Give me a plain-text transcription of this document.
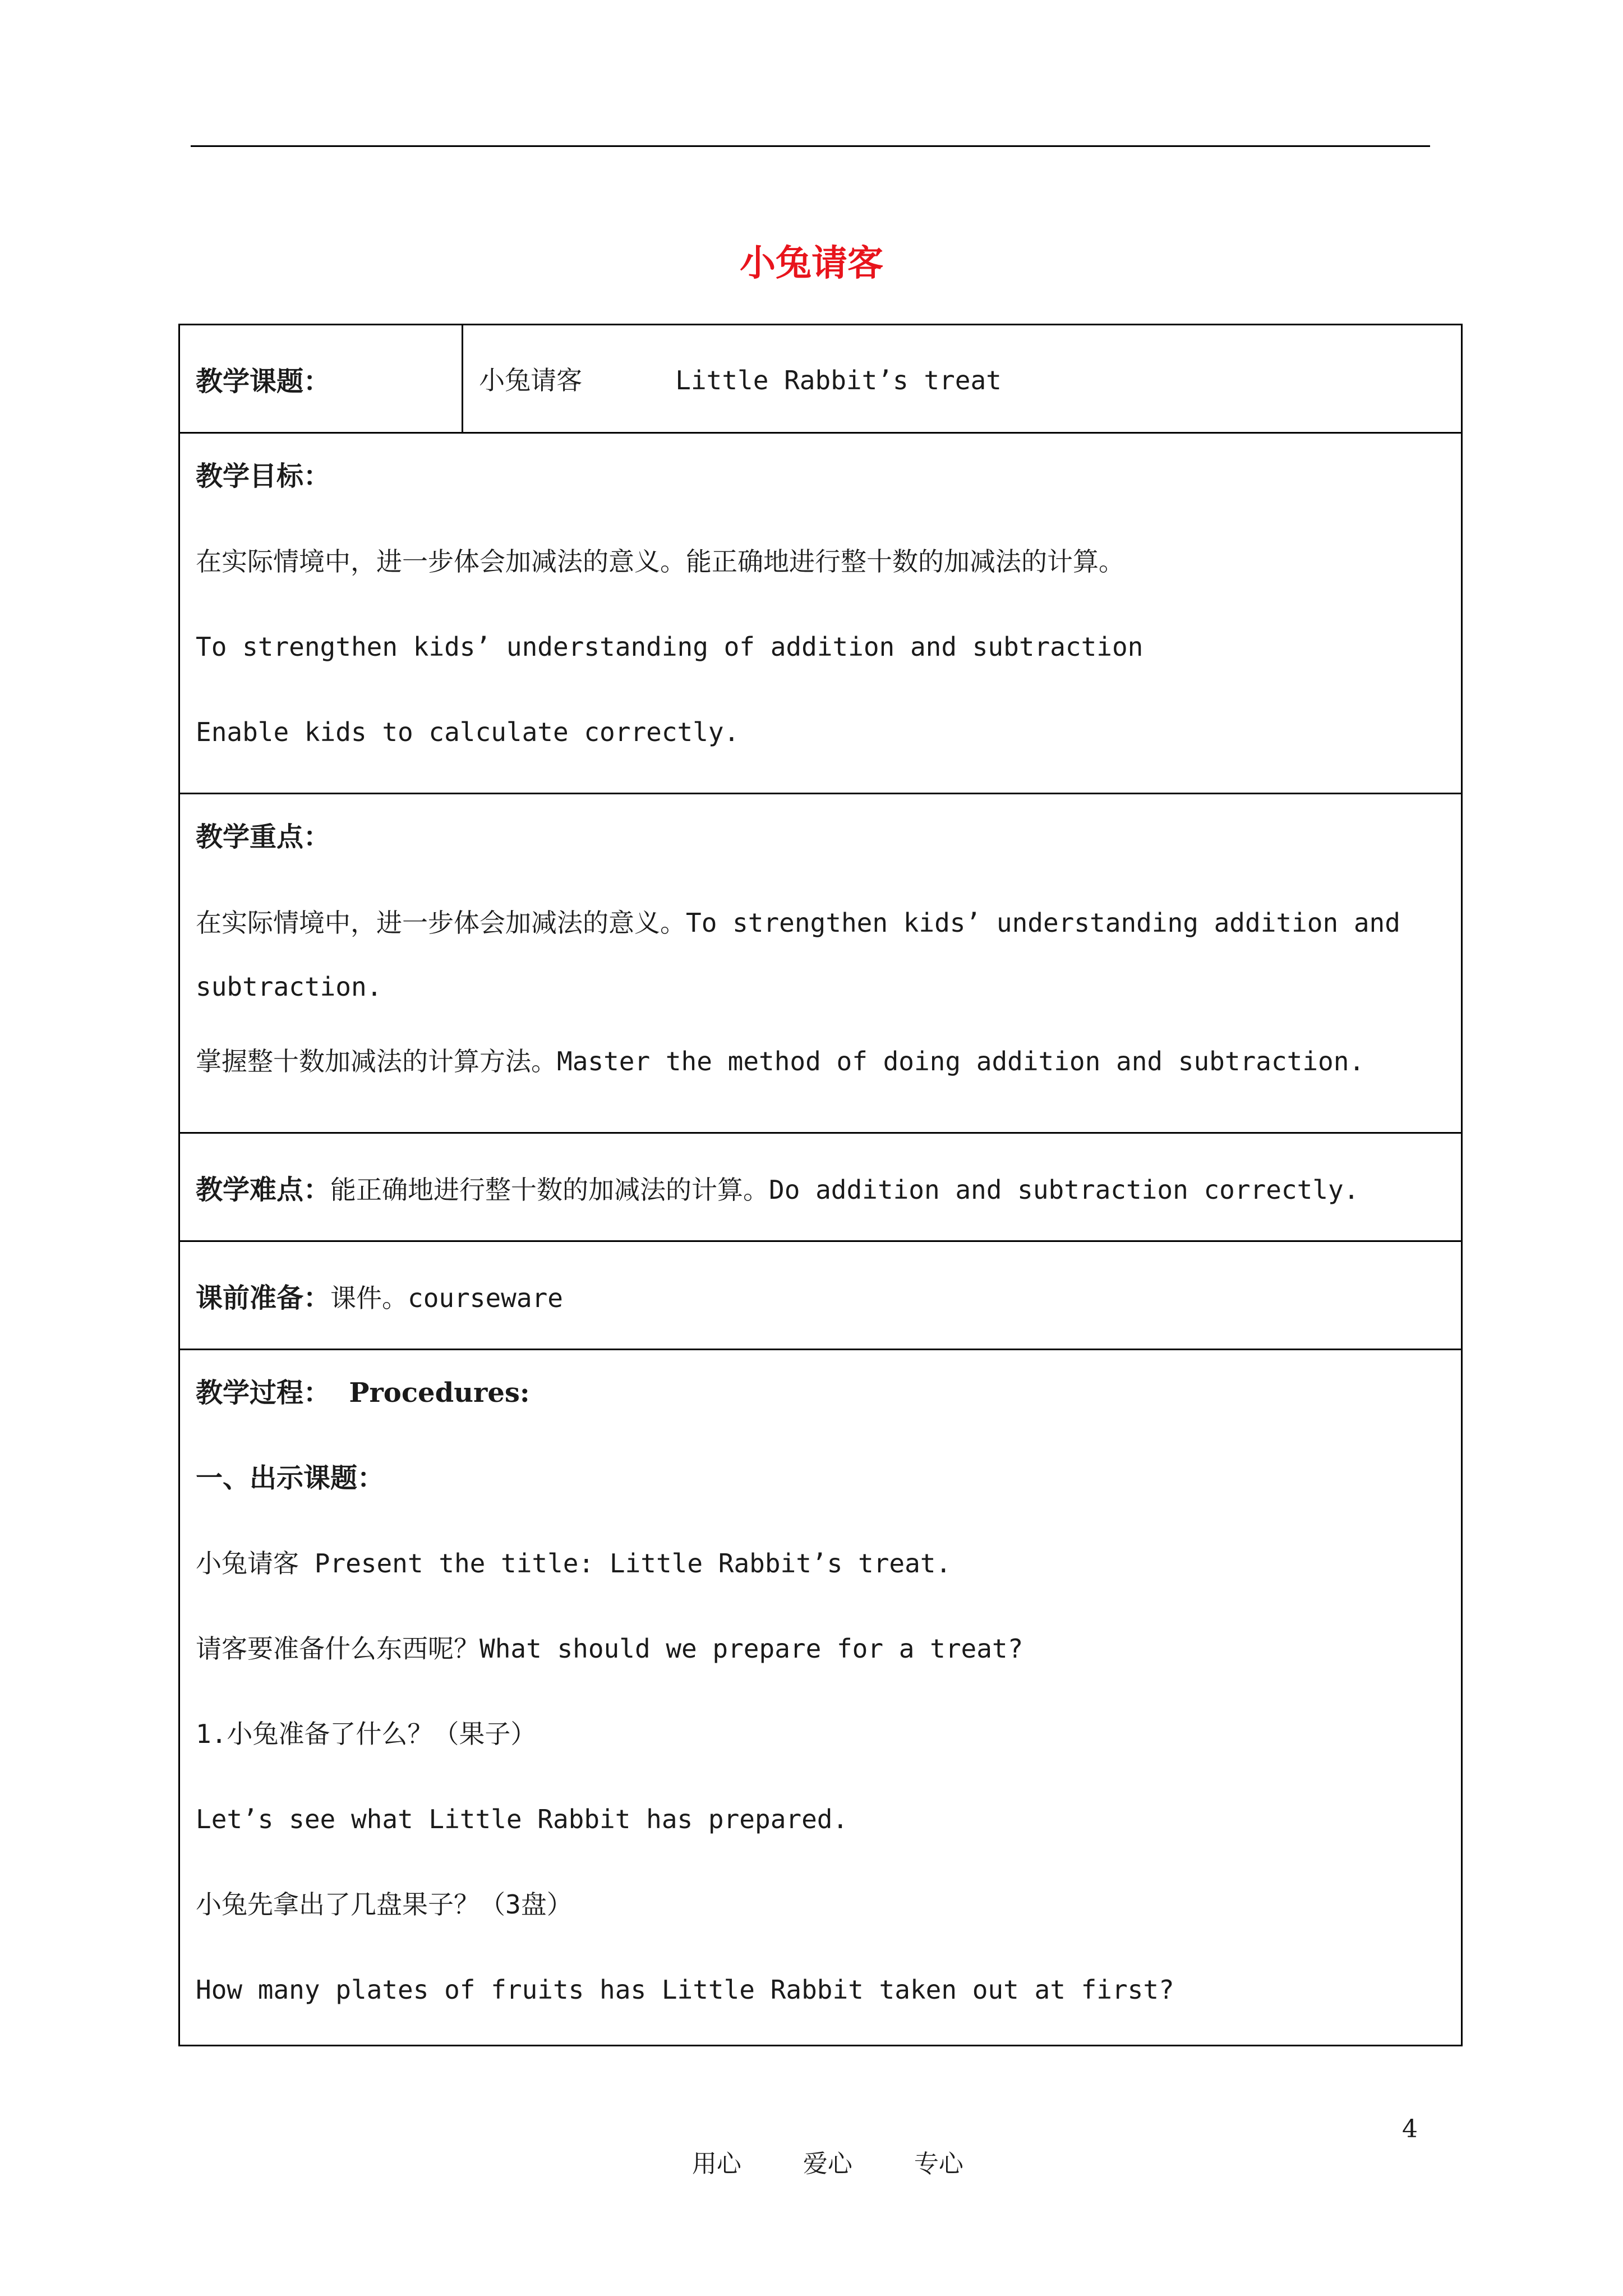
小兔请客
教学课题：	小兔请客	Little Rabbit’s treat

教学目标：
在实际情境中，进一步体会加减法的意义。能正确地进行整十数的加减法的计算。
To strengthen kids’ understanding of addition and subtraction
Enable kids to calculate correctly.

教学重点：
在实际情境中，进一步体会加减法的意义。To strengthen kids’ understanding addition and subtraction.
掌握整十数加减法的计算方法。Master the method of doing addition and subtraction.

教学难点：能正确地进行整十数的加减法的计算。Do addition and subtraction correctly.
课前准备：课件。courseware

教学过程：  Procedures:
一、出示课题：
小兔请客 Present the title: Little Rabbit’s treat.
请客要准备什么东西呢？What should we prepare for a treat?
1.小兔准备了什么？（果子）
Let’s see what Little Rabbit has prepared.
小兔先拿出了几盘果子？（3盘）
How many plates of fruits has Little Rabbit taken out at first?

用心	爱心	专心

4
